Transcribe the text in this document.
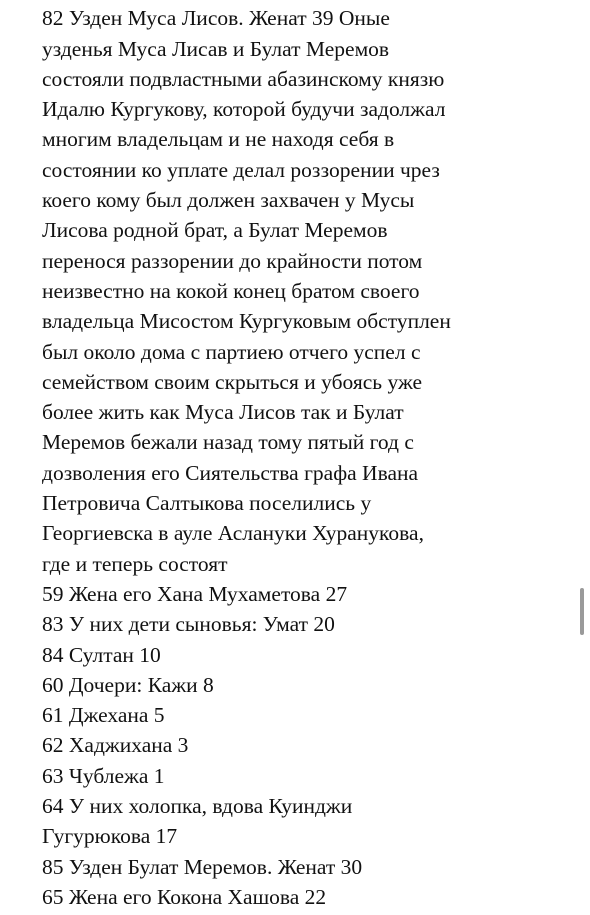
82 Узден Муса Лисов. Женат 39 Оные
узденья Муса Лисав и Булат Меремов
состояли подвластными абазинскому князю
Идалю Кургукову, которой будучи задолжал
многим владельцам и не находя себя в
состоянии ко уплате делал роззорении чрез
коего кому был должен захвачен у Мусы
Лисова родной брат, а Булат Меремов
перенося раззорении до крайности потом
неизвестно на кокой конец братом своего
владельца Мисостом Кургуковым обступлен
был около дома с партиею отчего успел с
семейством своим скрыться и убоясь уже
более жить как Муса Лисов так и Булат
Меремов бежали назад тому пятый год с
дозволения его Сиятельства графа Ивана
Петровича Салтыкова поселились у
Георгиевска в ауле Аслануки Хуранукова,
где и теперь состоят
59 Жена его Хана Мухаметова 27
83 У них дети сыновья: Умат 20
84 Султан 10
60 Дочери: Кажи 8
61 Джехана 5
62 Хаджихана 3
63 Чублежа 1
64 У них холопка, вдова Куинджи
Гугурюкова 17
85 Узден Булат Меремов. Женат 30
65 Жена его Кокона Хашова 22
